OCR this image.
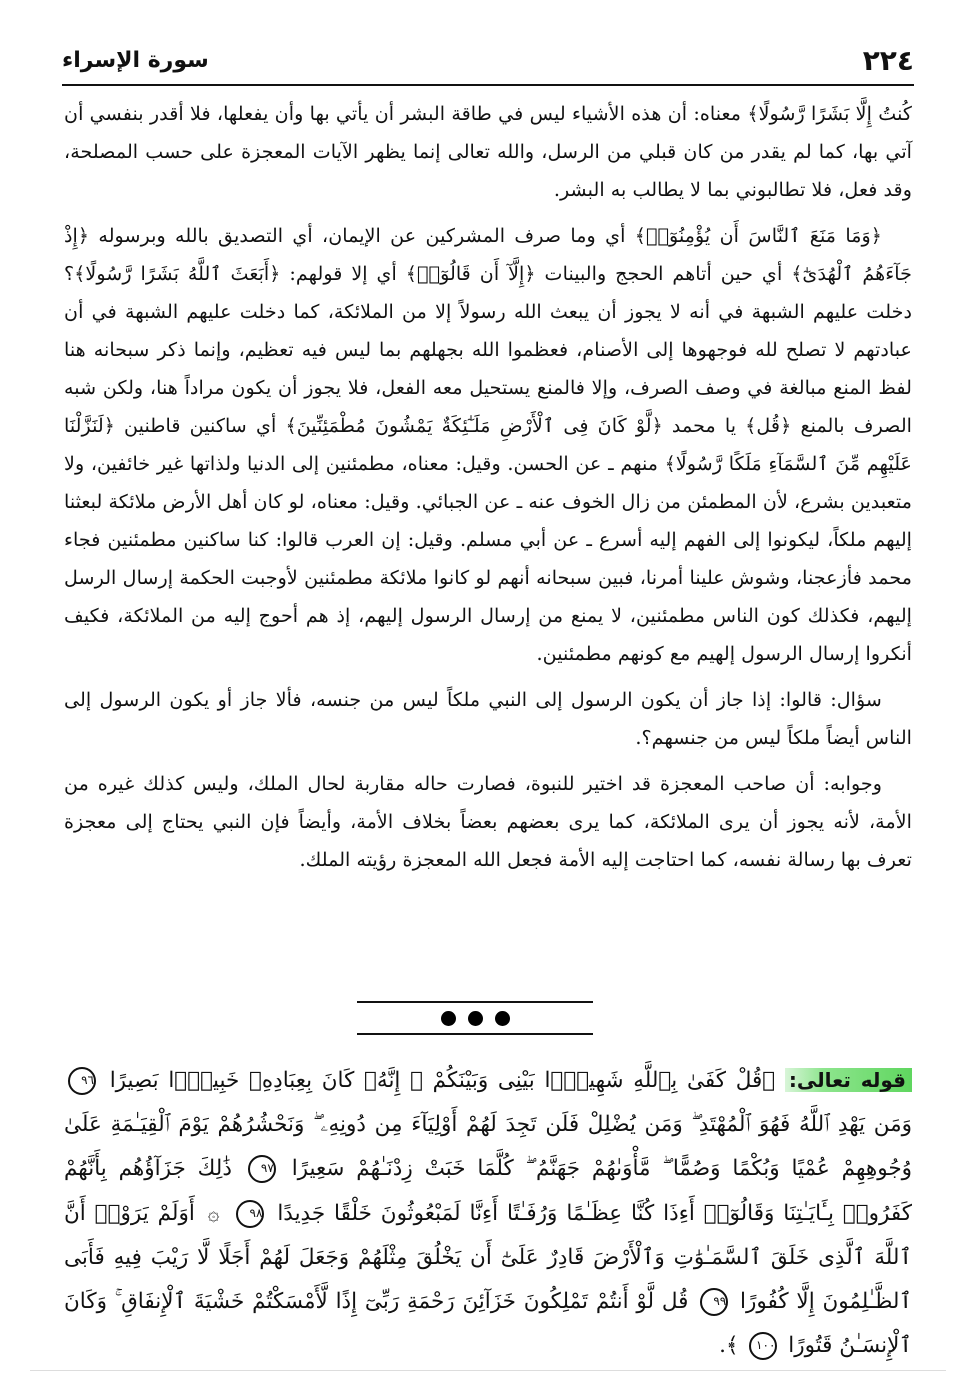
٢٢٤
سورة الإسراء

كُنتُ إِلَّا بَشَرًا رَّسُولًا﴾ معناه: أن هذه الأشياء ليس في طاقة البشر أن يأتي بها وأن يفعلها، فلا أقدر بنفسي أن آتي بها، كما لم يقدر من كان قبلي من الرسل، والله تعالى إنما يظهر الآيات المعجزة على حسب المصلحة، وقد فعل، فلا تطالبوني بما لا يطالب به البشر.

﴿وَمَا مَنَعَ ٱلنَّاسَ أَن يُؤْمِنُوٓا۟﴾ أي وما صرف المشركين عن الإيمان، أي التصديق بالله وبرسوله ﴿إِذْ جَآءَهُمُ ٱلْهُدَىٰٓ﴾ أي حين أتاهم الحجج والبينات ﴿إِلَّآ أَن قَالُوٓا۟﴾ أي إلا قولهم: ﴿أَبَعَثَ ٱللَّهُ بَشَرًا رَّسُولًا﴾؟ دخلت عليهم الشبهة في أنه لا يجوز أن يبعث الله رسولاً إلا من الملائكة، كما دخلت عليهم الشبهة في أن عبادتهم لا تصلح لله فوجهوها إلى الأصنام، فعظموا الله بجهلهم بما ليس فيه تعظيم، وإنما ذكر سبحانه هنا لفظ المنع مبالغة في وصف الصرف، وإلا فالمنع يستحيل معه الفعل، فلا يجوز أن يكون مراداً هنا، ولكن شبه الصرف بالمنع ﴿قُل﴾ يا محمد ﴿لَّوْ كَانَ فِى ٱلْأَرْضِ مَلَـٰٓئِكَةٌ يَمْشُونَ مُطْمَئِنِّينَ﴾ أي ساكنين قاطنين ﴿لَنَزَّلْنَا عَلَيْهِم مِّنَ ٱلسَّمَآءِ مَلَكًا رَّسُولًا﴾ منهم ـ عن الحسن. وقيل: معناه، مطمئنين إلى الدنيا ولذاتها غير خائفين، ولا متعبدين بشرع، لأن المطمئن من زال الخوف عنه ـ عن الجبائي. وقيل: معناه، لو كان أهل الأرض ملائكة لبعثنا إليهم ملكاً، ليكونوا إلى الفهم إليه أسرع ـ عن أبي مسلم. وقيل: إن العرب قالوا: كنا ساكنين مطمئنين فجاء محمد فأزعجنا، وشوش علينا أمرنا، فبين سبحانه أنهم لو كانوا ملائكة مطمئنين لأوجبت الحكمة إرسال الرسل إليهم، فكذلك كون الناس مطمئنين، لا يمنع من إرسال الرسول إليهم، إذ هم أحوج إليه من الملائكة، فكيف أنكروا إرسال الرسول إلهيم مع كونهم مطمئنين.

سؤال: قالوا: إذا جاز أن يكون الرسول إلى النبي ملكاً ليس من جنسه، فألا جاز أو يكون الرسول إلى الناس أيضاً ملكاً ليس من جنسهم؟.

وجوابه: أن صاحب المعجزة قد اختير للنبوة، فصارت حاله مقاربة لحال الملك، وليس كذلك غيره من الأمة، لأنه يجوز أن يرى الملائكة، كما يرى بعضهم بعضاً بخلاف الأمة، وأيضاً فإن النبي يحتاج إلى معجزة تعرف بها رسالة نفسه، كما احتاجت إليه الأمة فجعل الله المعجزة رؤيته الملك.

قوله تعالى: ﴿قُلْ كَفَىٰ بِٱللَّهِ شَهِيدًۢا بَيْنِى وَبَيْنَكُمْ ۚ إِنَّهُۥ كَانَ بِعِبَادِهِۦ خَبِيرًۢا بَصِيرًا ٩٦ وَمَن يَهْدِ ٱللَّهُ فَهُوَ ٱلْمُهْتَدِ ۖ وَمَن يُضْلِلْ فَلَن تَجِدَ لَهُمْ أَوْلِيَآءَ مِن دُونِهِۦ ۖ وَنَحْشُرُهُمْ يَوْمَ ٱلْقِيَـٰمَةِ عَلَىٰ وُجُوهِهِمْ عُمْيًا وَبُكْمًا وَصُمًّا ۖ مَّأْوَىٰهُمْ جَهَنَّمُ ۖ كُلَّمَا خَبَتْ زِدْنَـٰهُمْ سَعِيرًا ٩٧ ذَٰلِكَ جَزَآؤُهُم بِأَنَّهُمْ كَفَرُوا۟ بِـَٔايَـٰتِنَا وَقَالُوٓا۟ أَءِذَا كُنَّا عِظَـٰمًا وَرُفَـٰتًا أَءِنَّا لَمَبْعُوثُونَ خَلْقًا جَدِيدًا ٩٨ ۞ أَوَلَمْ يَرَوْا۟ أَنَّ ٱللَّهَ ٱلَّذِى خَلَقَ ٱلسَّمَـٰوَٰتِ وَٱلْأَرْضَ قَادِرٌ عَلَىٰٓ أَن يَخْلُقَ مِثْلَهُمْ وَجَعَلَ لَهُمْ أَجَلًا لَّا رَيْبَ فِيهِ فَأَبَى ٱلظَّـٰلِمُونَ إِلَّا كُفُورًا ٩٩ قُل لَّوْ أَنتُمْ تَمْلِكُونَ خَزَآئِنَ رَحْمَةِ رَبِّىٓ إِذًا لَّأَمْسَكْتُمْ خَشْيَةَ ٱلْإِنفَاقِ ۚ وَكَانَ ٱلْإِنسَـٰنُ قَتُورًا ١٠٠ ﴾.
